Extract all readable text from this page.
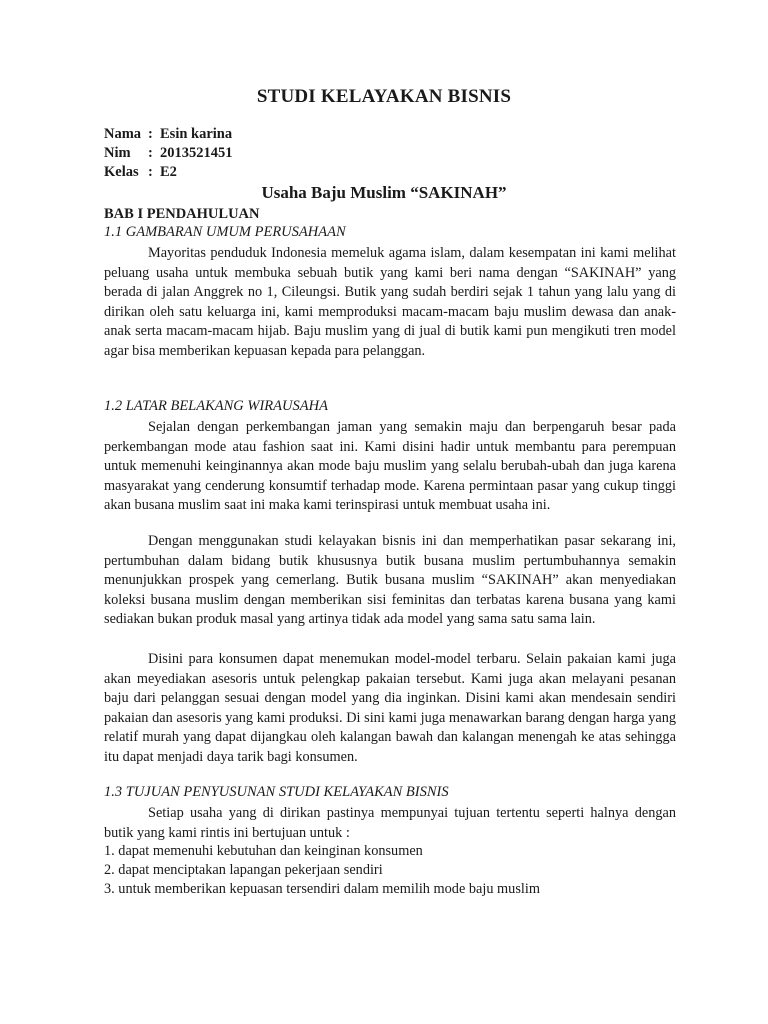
STUDI KELAYAKAN BISNIS
Nama : Esin karina
Nim : 2013521451
Kelas : E2
Usaha Baju Muslim “SAKINAH”
BAB I PENDAHULUAN
1.1 GAMBARAN UMUM PERUSAHAAN
Mayoritas penduduk Indonesia memeluk agama islam, dalam kesempatan ini kami melihat peluang usaha untuk membuka sebuah butik yang kami beri nama dengan “SAKINAH” yang berada di jalan Anggrek no 1, Cileungsi. Butik yang sudah berdiri sejak 1 tahun yang lalu yang di dirikan oleh satu keluarga ini, kami memproduksi macam-macam baju muslim dewasa dan anak-anak serta macam-macam hijab. Baju muslim yang di jual di butik kami pun mengikuti tren model agar bisa memberikan kepuasan kepada para pelanggan.
1.2 LATAR BELAKANG WIRAUSAHA
Sejalan dengan perkembangan jaman yang semakin maju dan berpengaruh besar pada perkembangan mode atau fashion saat ini. Kami disini hadir untuk membantu para perempuan untuk memenuhi keinginannya akan mode baju muslim yang selalu berubah-ubah dan juga karena masyarakat yang cenderung konsumtif terhadap mode. Karena permintaan pasar yang cukup tinggi akan busana muslim saat ini maka kami terinspirasi untuk membuat usaha ini.
Dengan menggunakan studi kelayakan bisnis ini dan memperhatikan pasar sekarang ini, pertumbuhan dalam bidang butik khususnya butik busana muslim pertumbuhannya semakin menunjukkan prospek yang cemerlang. Butik busana muslim “SAKINAH” akan menyediakan koleksi busana muslim dengan memberikan sisi feminitas dan terbatas karena busana yang kami sediakan bukan produk masal yang artinya tidak ada model yang sama satu sama lain.
Disini para konsumen dapat menemukan model-model terbaru. Selain pakaian kami juga akan meyediakan asesoris untuk pelengkap pakaian tersebut. Kami juga akan melayani pesanan baju dari pelanggan sesuai dengan model yang dia inginkan. Disini kami akan mendesain sendiri pakaian dan asesoris yang kami produksi. Di sini kami juga menawarkan barang dengan harga yang relatif murah yang dapat dijangkau oleh kalangan bawah dan kalangan menengah ke atas sehingga itu dapat menjadi daya tarik bagi konsumen.
1.3 TUJUAN PENYUSUNAN STUDI KELAYAKAN BISNIS
Setiap usaha yang di dirikan pastinya mempunyai tujuan tertentu seperti halnya dengan butik yang kami rintis ini bertujuan untuk :
1. dapat memenuhi kebutuhan dan keinginan konsumen
2. dapat menciptakan lapangan pekerjaan sendiri
3. untuk memberikan kepuasan tersendiri dalam memilih mode baju muslim
